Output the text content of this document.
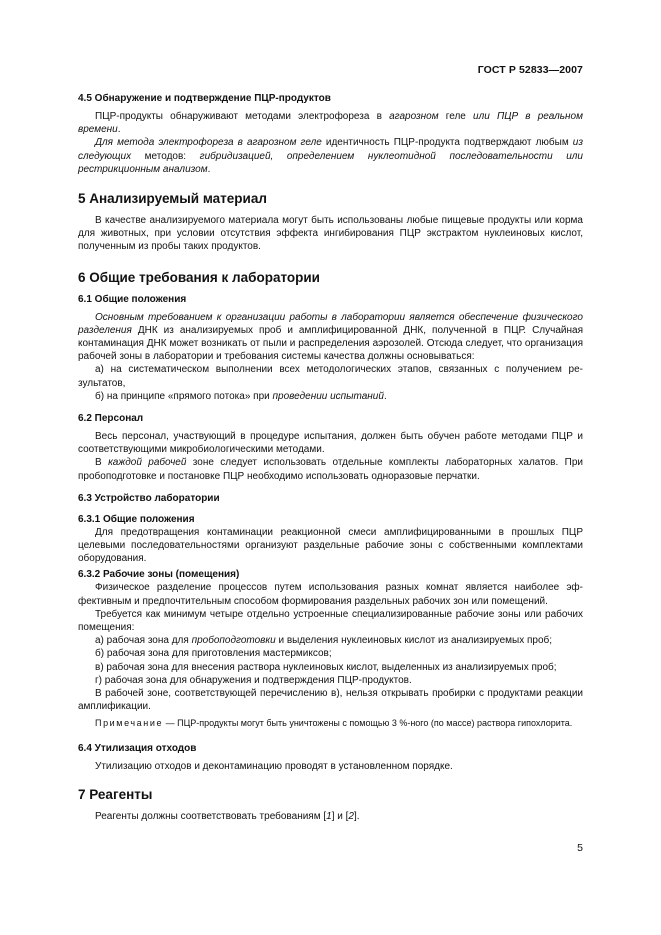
ГОСТ Р 52833—2007
4.5 Обнаружение и подтверждение ПЦР-продуктов

ПЦР-продукты обнаруживают методами электрофореза в агарозном геле или ПЦР в реальном времени.

Для метода электрофореза в агарозном геле идентичность ПЦР-продукта подтверждают любым из следующих методов: гибридизацией, определением нуклеотидной последовательности или рестрикционным анализом.

5 Анализируемый материал

В качестве анализируемого материала могут быть использованы любые пищевые продукты или корма для животных, при условии отсутствия эффекта ингибирования ПЦР экстрактом нуклеиновых кислот, полученным из пробы таких продуктов.

6 Общие требования к лаборатории
6.1 Общие положения

Основным требованием к организации работы в лаборатории является обеспечение физического разделения ДНК из анализируемых проб и амплифицированной ДНК, полученной в ПЦР. Случайная контаминация ДНК может возникать от пыли и распределения аэрозолей. Отсюда следует, что организация рабочей зоны в лаборатории и требования системы качества должны основываться:

а) на систематическом выполнении всех методологических этапов, связанных с получением результатов,

б) на принципе «прямого потока» при проведении испытаний.

6.2 Персонал

Весь персонал, участвующий в процедуре испытания, должен быть обучен работе методами ПЦР и соответствующими микробиологическими методами.

В каждой рабочей зоне следует использовать отдельные комплекты лабораторных халатов. При пробоподготовке и постановке ПЦР необходимо использовать одноразовые перчатки.

6.3 Устройство лаборатории
6.3.1 Общие положения

Для предотвращения контаминации реакционной смеси амплифицированными в прошлых ПЦР целевыми последовательностями организуют раздельные рабочие зоны с собственными комплектами оборудования.

6.3.2 Рабочие зоны (помещения)

Физическое разделение процессов путем использования разных комнат является наиболее эффективным и предпочтительным способом формирования раздельных рабочих зон или помещений.

Требуется как минимум четыре отдельно устроенные специализированные рабочие зоны или рабочих помещения:

а) рабочая зона для пробоподготовки и выделения нуклеиновых кислот из анализируемых проб;

б) рабочая зона для приготовления мастермиксов;

в) рабочая зона для внесения раствора нуклеиновых кислот, выделенных из анализируемых проб;

г) рабочая зона для обнаружения и подтверждения ПЦР-продуктов.

В рабочей зоне, соответствующей перечислению в), нельзя открывать пробирки с продуктами реакции амплификации.

Примечание — ПЦР-продукты могут быть уничтожены с помощью 3 %-ного (по массе) раствора гипохлорита.

6.4 Утилизация отходов

Утилизацию отходов и деконтаминацию проводят в установленном порядке.

7 Реагенты

Реагенты должны соответствовать требованиям [1] и [2].

5
